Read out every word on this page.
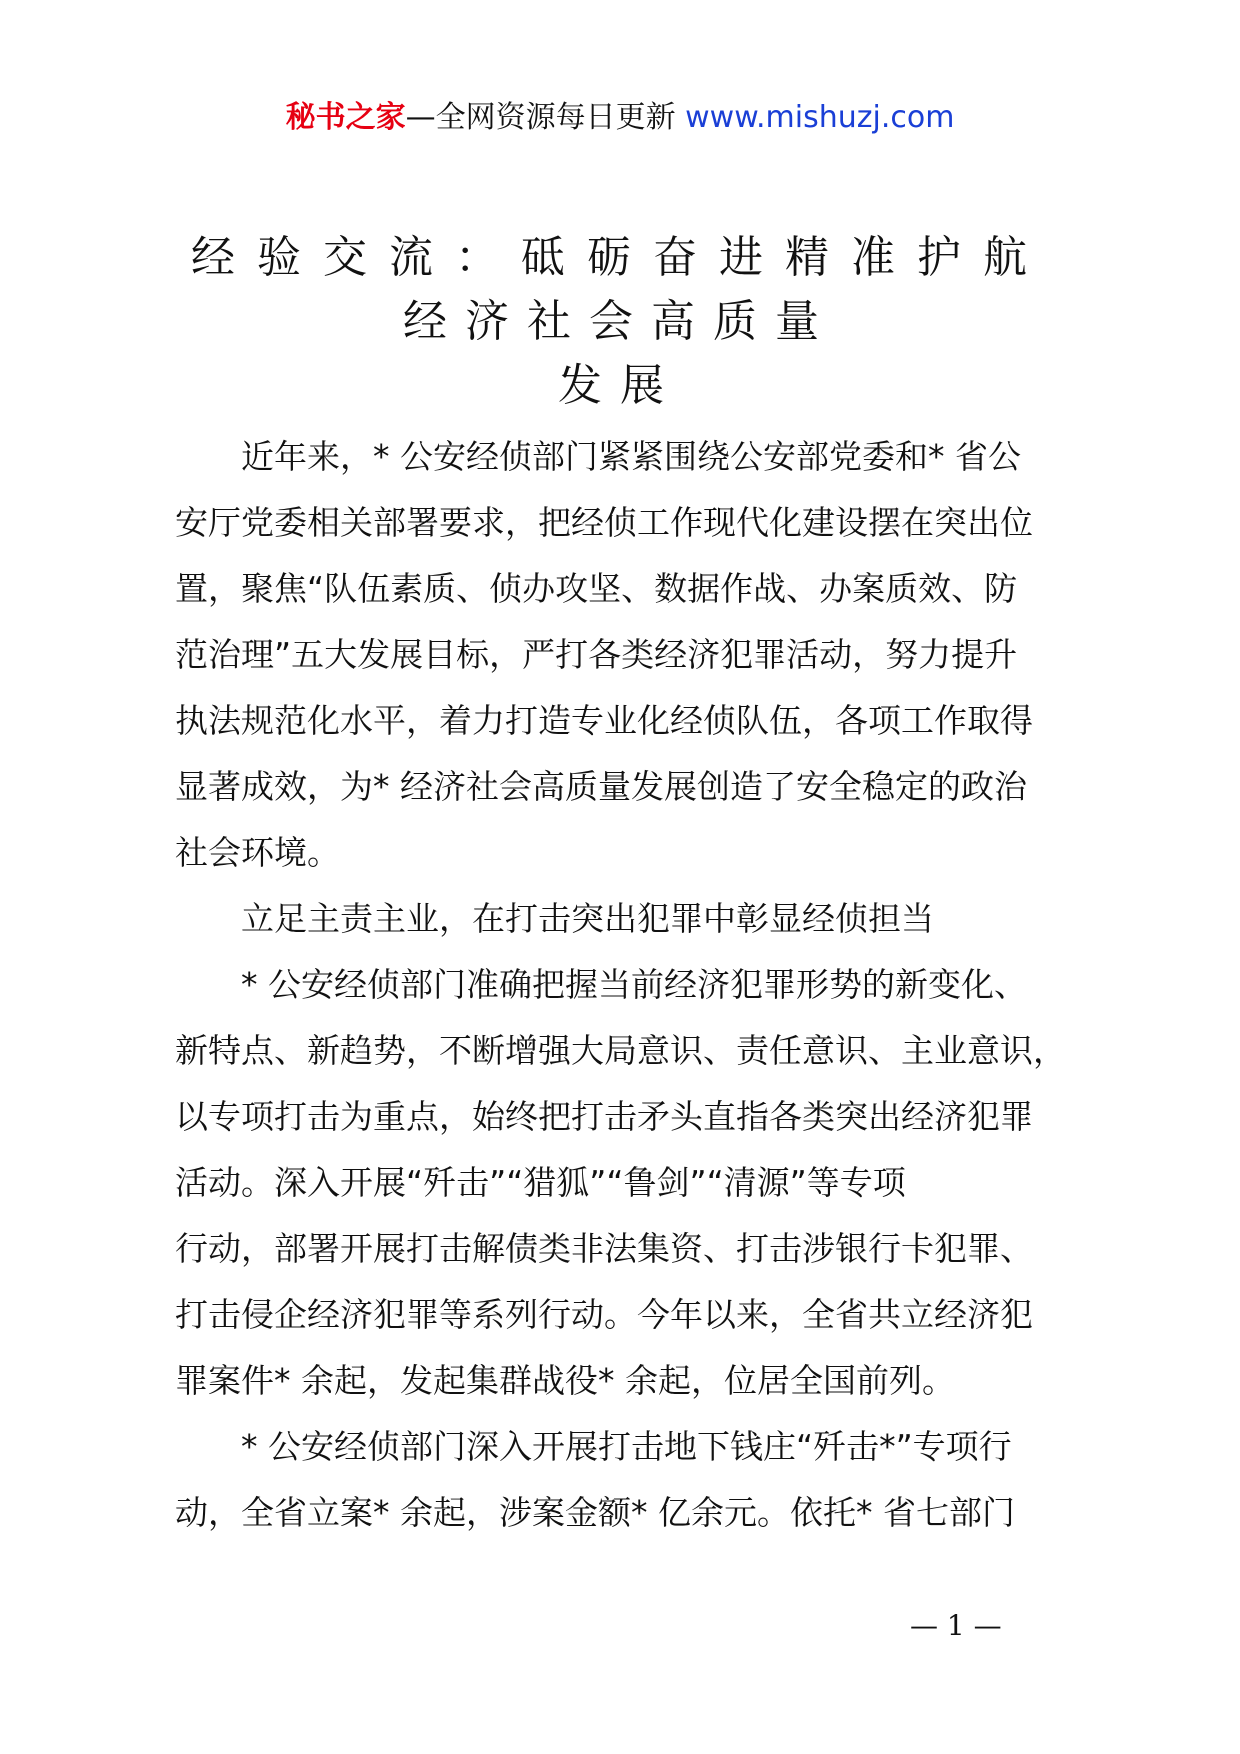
秘书之家—全网资源每日更新 www.mishuzj.com
经验交流：砥砺奋进精准护航
经济社会高质量
发展
　　近年来，* 公安经侦部门紧紧围绕公安部党委和* 省公
安厅党委相关部署要求，把经侦工作现代化建设摆在突出位
置，聚焦“队伍素质、侦办攻坚、数据作战、办案质效、防
范治理”五大发展目标，严打各类经济犯罪活动，努力提升
执法规范化水平，着力打造专业化经侦队伍，各项工作取得
显著成效，为* 经济社会高质量发展创造了安全稳定的政治
社会环境。
　　立足主责主业，在打击突出犯罪中彰显经侦担当
　　* 公安经侦部门准确把握当前经济犯罪形势的新变化、
新特点、新趋势，不断增强大局意识、责任意识、主业意识，
以专项打击为重点，始终把打击矛头直指各类突出经济犯罪
活动。深入开展“歼击”“猎狐”“鲁剑”“清源”等专项
行动，部署开展打击解债类非法集资、打击涉银行卡犯罪、
打击侵企经济犯罪等系列行动。今年以来，全省共立经济犯
罪案件* 余起，发起集群战役* 余起，位居全国前列。
　　* 公安经侦部门深入开展打击地下钱庄“歼击*”专项行
动，全省立案* 余起，涉案金额* 亿余元。依托* 省七部门
— 1 —
